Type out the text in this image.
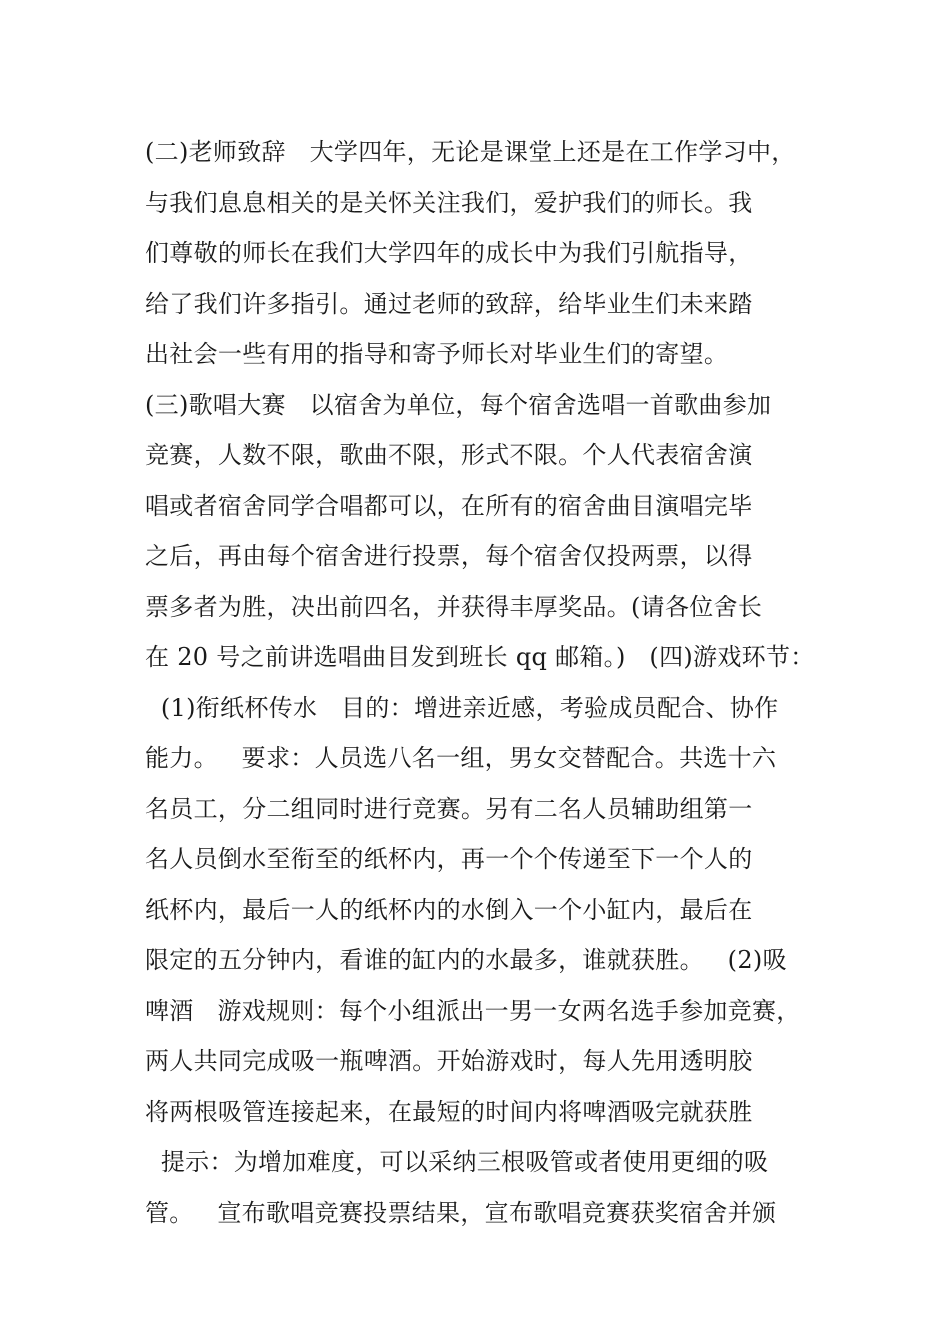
(二)老师致辞   大学四年，无论是课堂上还是在工作学习中，
与我们息息相关的是关怀关注我们，爱护我们的师长。我
们尊敬的师长在我们大学四年的成长中为我们引航指导，
给了我们许多指引。通过老师的致辞，给毕业生们未来踏
出社会一些有用的指导和寄予师长对毕业生们的寄望。
(三)歌唱大赛   以宿舍为单位，每个宿舍选唱一首歌曲参加
竞赛，人数不限，歌曲不限，形式不限。个人代表宿舍演
唱或者宿舍同学合唱都可以，在所有的宿舍曲目演唱完毕
之后，再由每个宿舍进行投票，每个宿舍仅投两票，以得
票多者为胜，决出前四名，并获得丰厚奖品。(请各位舍长
在 20 号之前讲选唱曲目发到班长 qq 邮箱。)   (四)游戏环节：
(1)衔纸杯传水   目的：增进亲近感，考验成员配合、协作
能力。   要求：人员选八名一组，男女交替配合。共选十六
名员工，分二组同时进行竞赛。另有二名人员辅助组第一
名人员倒水至衔至的纸杯内，再一个个传递至下一个人的
纸杯内，最后一人的纸杯内的水倒入一个小缸内，最后在
限定的五分钟内，看谁的缸内的水最多，谁就获胜。   (2)吸
啤酒   游戏规则：每个小组派出一男一女两名选手参加竞赛，
两人共同完成吸一瓶啤酒。开始游戏时，每人先用透明胶
将两根吸管连接起来，在最短的时间内将啤酒吸完就获胜
提示：为增加难度，可以采纳三根吸管或者使用更细的吸
管。   宣布歌唱竞赛投票结果，宣布歌唱竞赛获奖宿舍并颁
